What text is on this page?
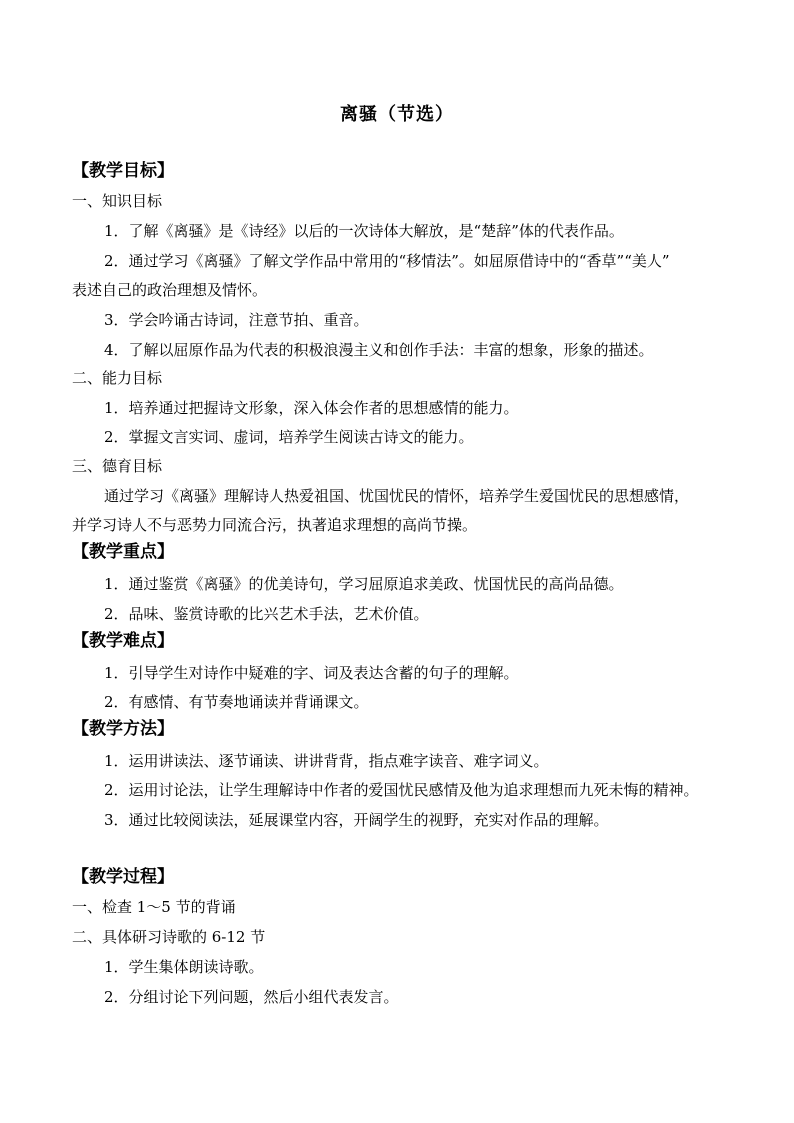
离骚（节选）
【教学目标】
一、知识目标
1．了解《离骚》是《诗经》以后的一次诗体大解放，是“楚辞”体的代表作品。
2．通过学习《离骚》了解文学作品中常用的“移情法”。如屈原借诗中的“香草”“美人”
表述自己的政治理想及情怀。
3．学会吟诵古诗词，注意节拍、重音。
4．了解以屈原作品为代表的积极浪漫主义和创作手法：丰富的想象，形象的描述。
二、能力目标
1．培养通过把握诗文形象，深入体会作者的思想感情的能力。
2．掌握文言实词、虚词，培养学生阅读古诗文的能力。
三、德育目标
通过学习《离骚》理解诗人热爱祖国、忧国忧民的情怀，培养学生爱国忧民的思想感情，
并学习诗人不与恶势力同流合污，执著追求理想的高尚节操。
【教学重点】
1．通过鉴赏《离骚》的优美诗句，学习屈原追求美政、忧国忧民的高尚品德。
2．品味、鉴赏诗歌的比兴艺术手法，艺术价值。
【教学难点】
1．引导学生对诗作中疑难的字、词及表达含蓄的句子的理解。
2．有感情、有节奏地诵读并背诵课文。
【教学方法】
1．运用讲读法、逐节诵读、讲讲背背，指点难字读音、难字词义。
2．运用讨论法，让学生理解诗中作者的爱国忧民感情及他为追求理想而九死未悔的精神。
3．通过比较阅读法，延展课堂内容，开阔学生的视野，充实对作品的理解。
【教学过程】
一、检查 1～5 节的背诵
二、具体研习诗歌的 6-12 节
1．学生集体朗读诗歌。
2．分组讨论下列问题，然后小组代表发言。
